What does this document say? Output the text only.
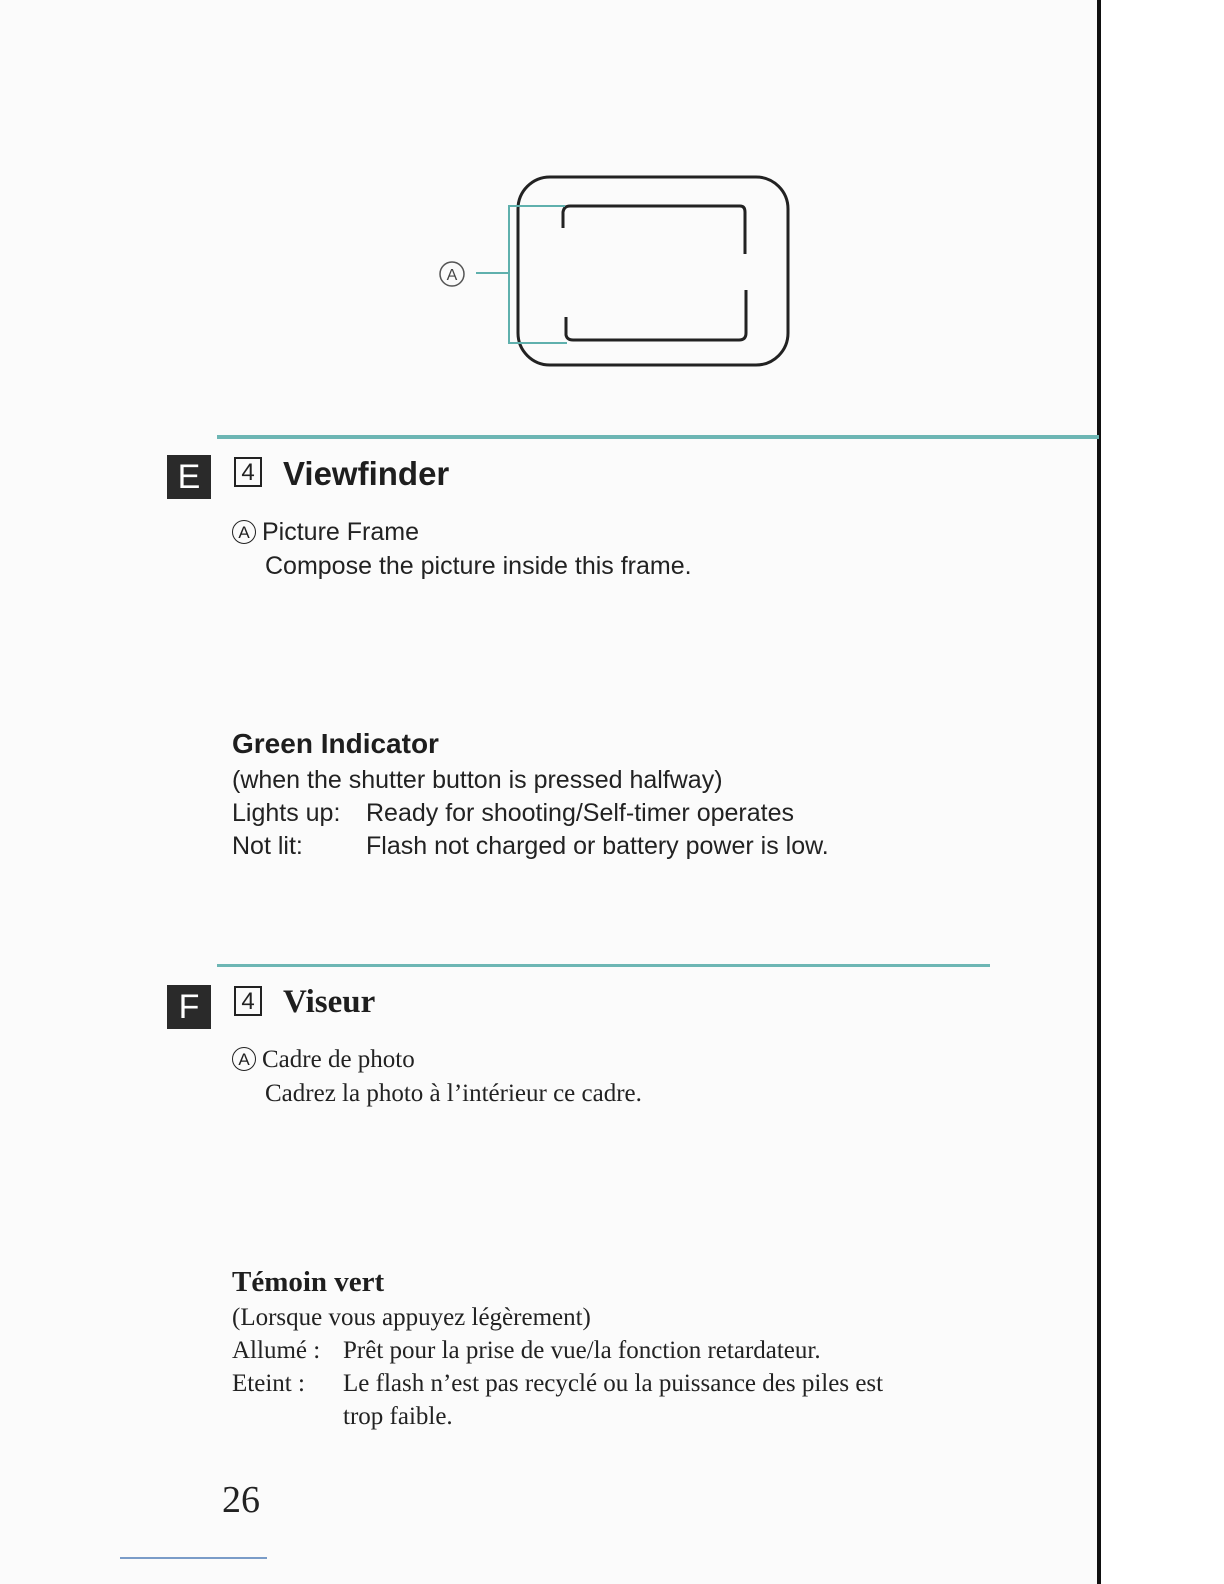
A
E	4 Viewfinder
A Picture Frame
Compose the picture inside this frame.
Green Indicator
(when the shutter button is pressed halfway)
Lights up: Ready for shooting/Self-timer operates
Not lit:	Flash not charged or battery power is low.
F	4 Viseur
A Cadre de photo
Cadrez la photo à l’intérieur ce cadre.
Témoin vert
(Lorsque vous appuyez légèrement)
Allumé : Prêt pour la prise de vue/la fonction retardateur.
Eteint : Le flash n’est pas recyclé ou la puissance des piles est
trop faible.
26
